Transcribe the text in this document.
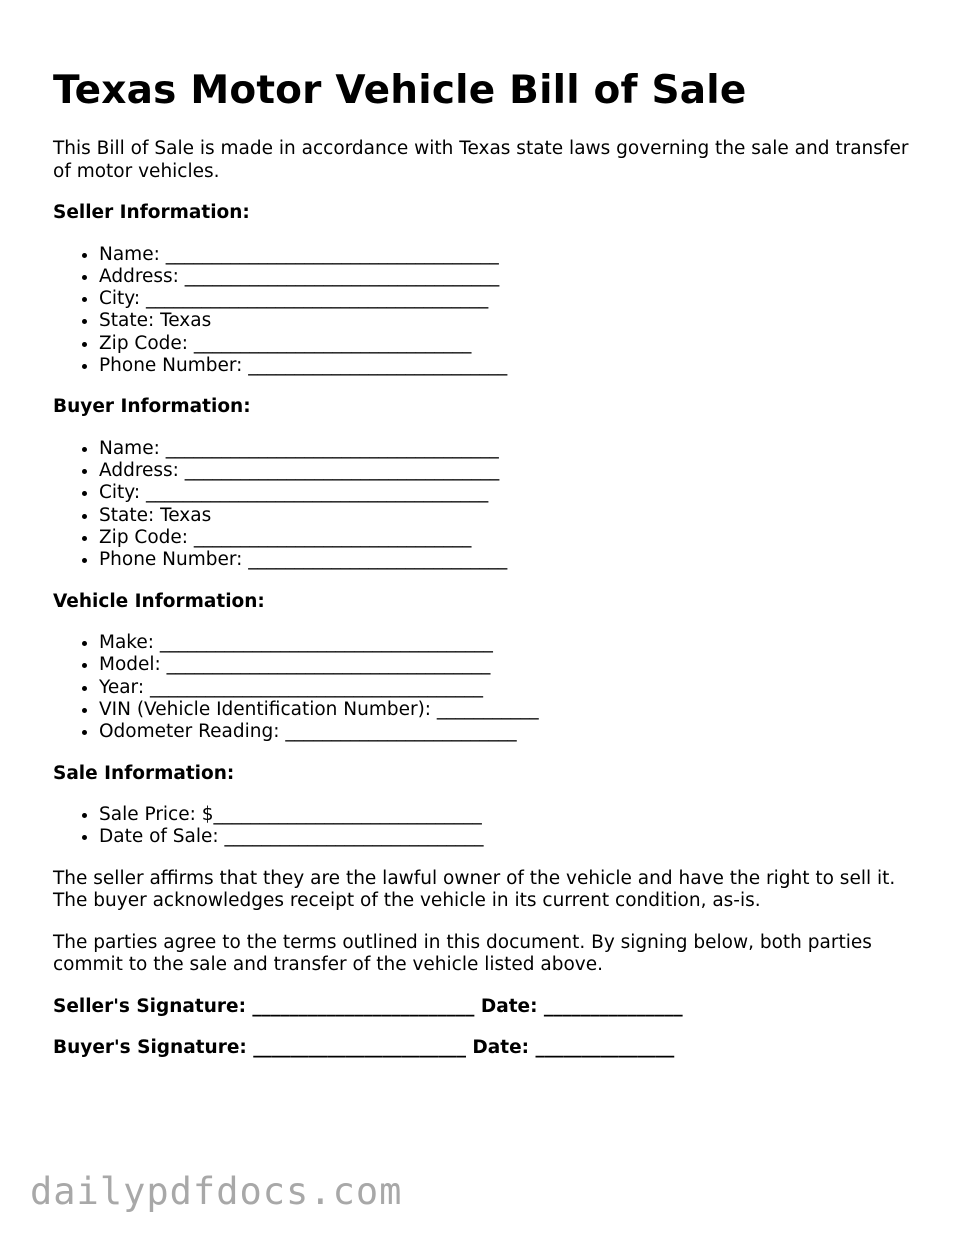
Texas Motor Vehicle Bill of Sale

This Bill of Sale is made in accordance with Texas state laws governing the sale and transfer of motor vehicles.

Seller Information:
• Name: ____________________________________
• Address: __________________________________
• City: _____________________________________
• State: Texas
• Zip Code: ______________________________
• Phone Number: ____________________________
Buyer Information:
• Name: ____________________________________
• Address: __________________________________
• City: _____________________________________
• State: Texas
• Zip Code: ______________________________
• Phone Number: ____________________________
Vehicle Information:
• Make: ____________________________________
• Model: ___________________________________
• Year: ____________________________________
• VIN (Vehicle Identification Number): ___________
• Odometer Reading: _________________________
Sale Information:
• Sale Price: $_____________________________
• Date of Sale: ____________________________

The seller affirms that they are the lawful owner of the vehicle and have the right to sell it. The buyer acknowledges receipt of the vehicle in its current condition, as-is.

The parties agree to the terms outlined in this document. By signing below, both parties commit to the sale and transfer of the vehicle listed above.

Seller's Signature: ________________________ Date: _______________
Buyer's Signature: _______________________ Date: _______________
dailypdfdocs.com
